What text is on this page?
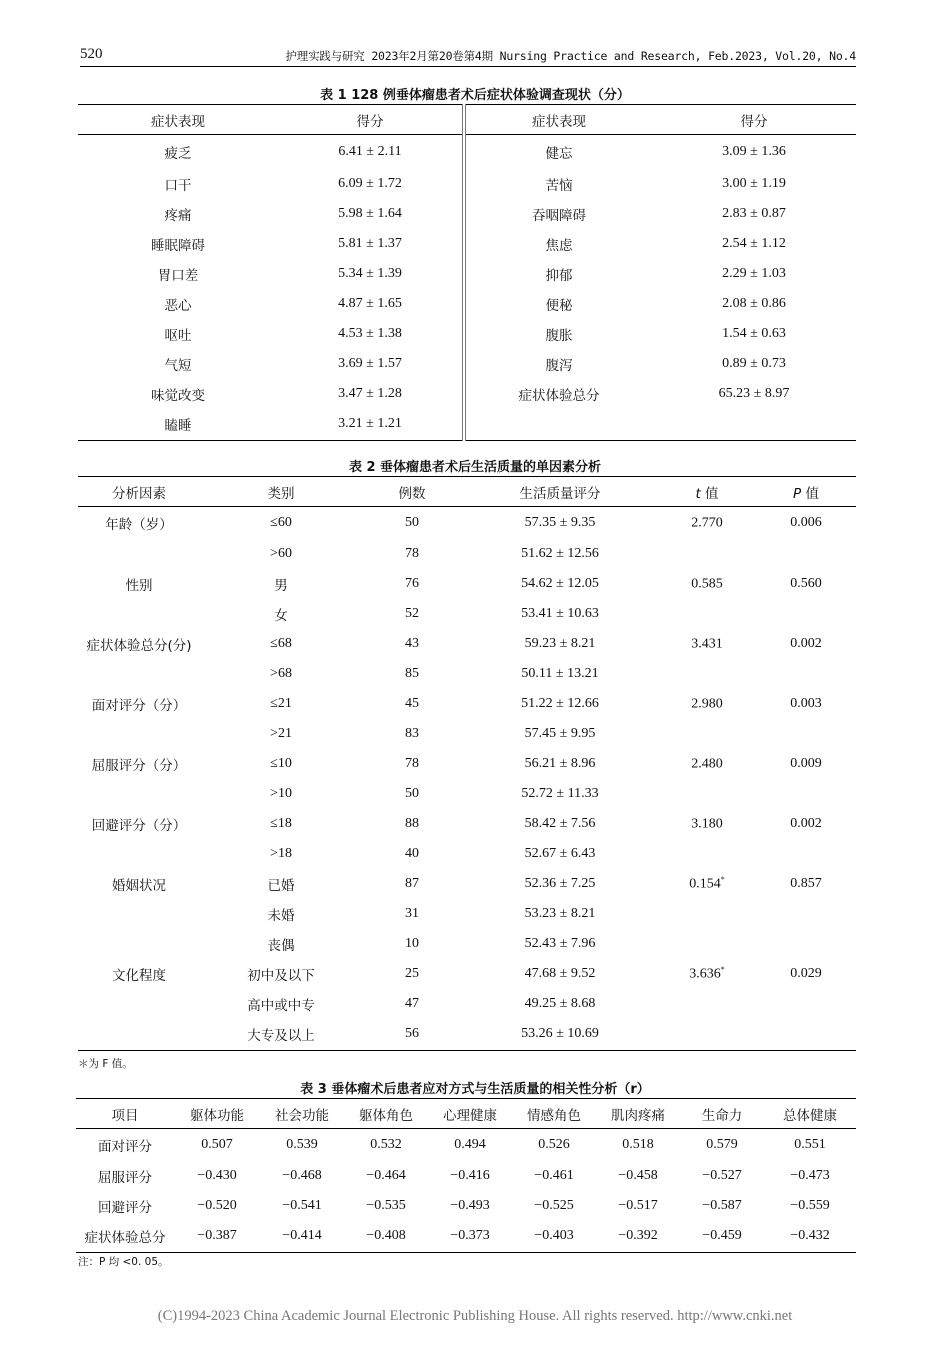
520	护理实践与研究 2023年2月第20卷第4期 Nursing Practice and Research, Feb.2023, Vol.20, No.4
表 1 128 例垂体瘤患者术后症状体验调查现状（分）
症状表现	得分	症状表现	得分
疲乏	6.41 ± 2.11	健忘	3.09 ± 1.36
口干	6.09 ± 1.72	苦恼	3.00 ± 1.19
疼痛	5.98 ± 1.64	吞咽障碍	2.83 ± 0.87
睡眠障碍	5.81 ± 1.37	焦虑	2.54 ± 1.12
胃口差	5.34 ± 1.39	抑郁	2.29 ± 1.03
恶心	4.87 ± 1.65	便秘	2.08 ± 0.86
呕吐	4.53 ± 1.38	腹胀	1.54 ± 0.63
气短	3.69 ± 1.57	腹泻	0.89 ± 0.73
味觉改变	3.47 ± 1.28	症状体验总分	65.23 ± 8.97
瞌睡	3.21 ± 1.21		
表 2 垂体瘤患者术后生活质量的单因素分析
分析因素	类别	例数	生活质量评分	t 值	P 值
年龄（岁）	≤60	50	57.35 ± 9.35	2.770	0.006
	>60	78	51.62 ± 12.56		
性别	男	76	54.62 ± 12.05	0.585	0.560
	女	52	53.41 ± 10.63		
症状体验总分(分)	≤68	43	59.23 ± 8.21	3.431	0.002
	>68	85	50.11 ± 13.21		
面对评分（分）	≤21	45	51.22 ± 12.66	2.980	0.003
	>21	83	57.45 ± 9.95		
屈服评分（分）	≤10	78	56.21 ± 8.96	2.480	0.009
	>10	50	52.72 ± 11.33		
回避评分（分）	≤18	88	58.42 ± 7.56	3.180	0.002
	>18	40	52.67 ± 6.43		
婚姻状况	已婚	87	52.36 ± 7.25	0.154*	0.857
	未婚	31	53.23 ± 8.21		
	丧偶	10	52.43 ± 7.96		
文化程度	初中及以下	25	47.68 ± 9.52	3.636*	0.029
	高中或中专	47	49.25 ± 8.68		
	大专及以上	56	53.26 ± 10.69		
＊为 F 值。
表 3 垂体瘤术后患者应对方式与生活质量的相关性分析（r）
项目	躯体功能	社会功能	躯体角色	心理健康	情感角色	肌肉疼痛	生命力	总体健康
面对评分	0.507	0.539	0.532	0.494	0.526	0.518	0.579	0.551
屈服评分	−0.430	−0.468	−0.464	−0.416	−0.461	−0.458	−0.527	−0.473
回避评分	−0.520	−0.541	−0.535	−0.493	−0.525	−0.517	−0.587	−0.559
症状体验总分	−0.387	−0.414	−0.408	−0.373	−0.403	−0.392	−0.459	−0.432
注：P 均 <0. 05。
(C)1994-2023 China Academic Journal Electronic Publishing House. All rights reserved. http://www.cnki.net
